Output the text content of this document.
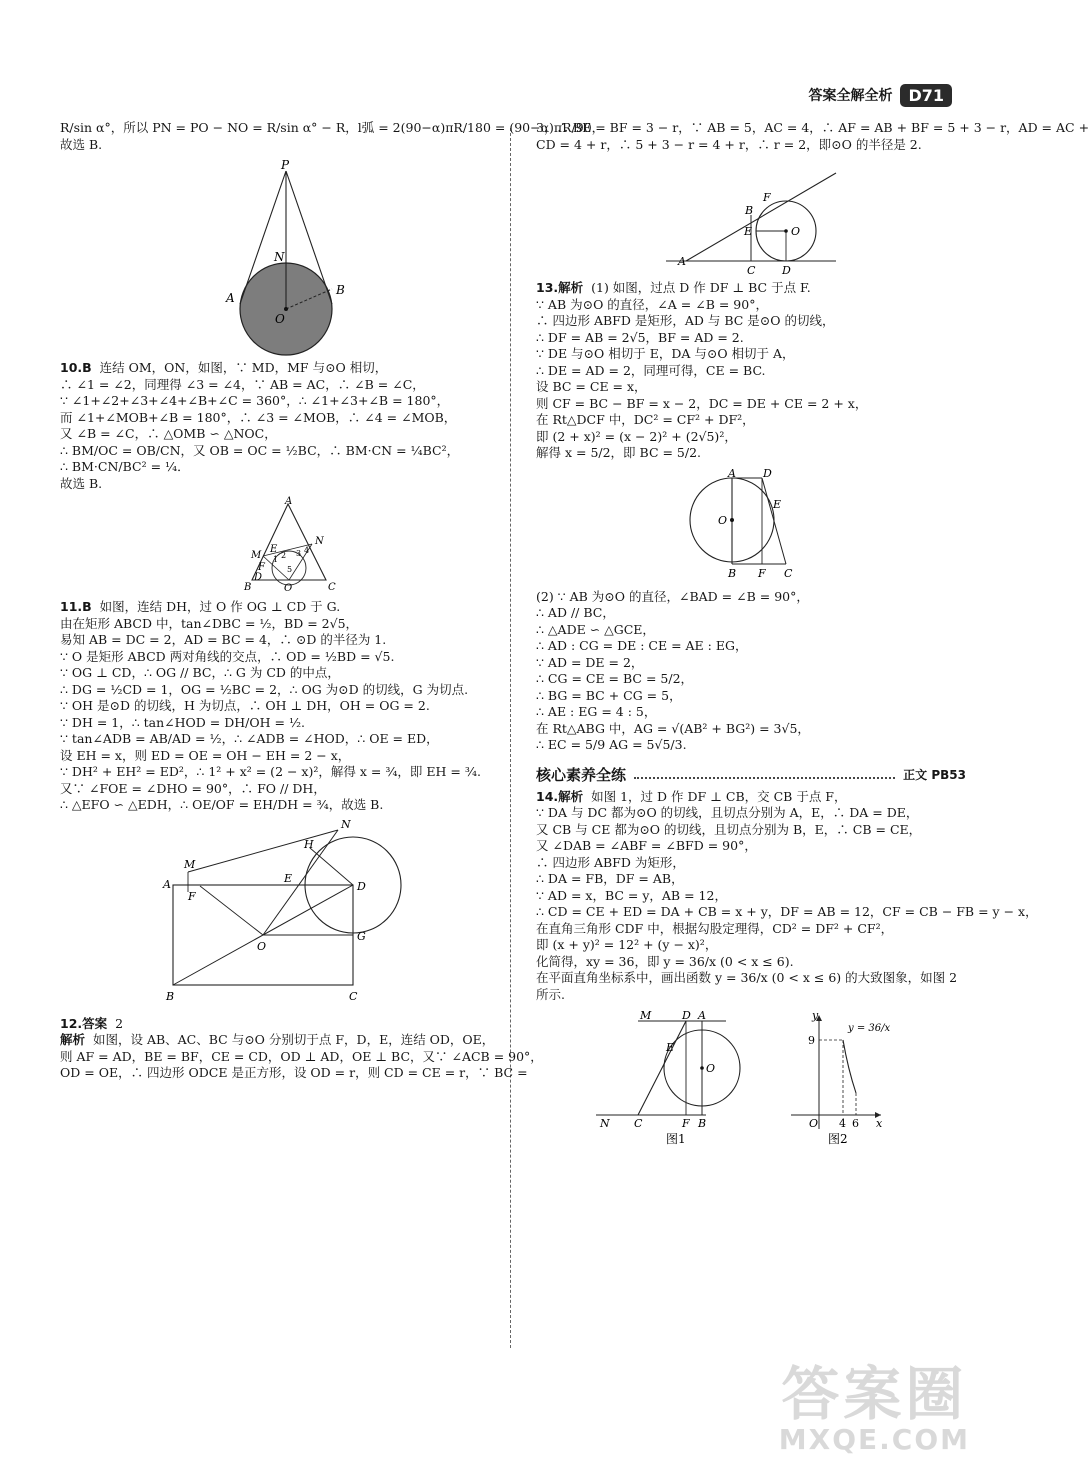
答案全解全析	D71

R/sin α°，所以 PN = PO − NO = R/sin α° − R，l弧 = 2(90−α)πR/180 = (90−α)πR/90，

故选 B.

P
N
A
B
O

10.B 连结 OM，ON，如图，∵ MD，MF 与⊙O 相切，

∴ ∠1 = ∠2，同理得 ∠3 = ∠4，∵ AB = AC，∴ ∠B = ∠C，

∵ ∠1+∠2+∠3+∠4+∠B+∠C = 360°，∴ ∠1+∠3+∠B = 180°，

而 ∠1+∠MOB+∠B = 180°，∴ ∠3 = ∠MOB，∴ ∠4 = ∠MOB，

又 ∠B = ∠C，∴ △OMB ∽ △NOC，

∴ BM/OC = OB/CN，又 OB = OC = ½BC，∴ BM·CN = ¼BC²，

∴ BM·CN/BC² = ¼．

故选 B.

A
M
E
F
N
B
D
O	C
1 2 3 4
5

11.B 如图，连结 DH，过 O 作 OG ⊥ CD 于 G.

由在矩形 ABCD 中，tan∠DBC = ½，BD = 2√5，

易知 AB = DC = 2，AD = BC = 4，∴ ⊙D 的半径为 1.

∵ O 是矩形 ABCD 两对角线的交点，∴ OD = ½BD = √5.

∵ OG ⊥ CD，∴ OG // BC，∴ G 为 CD 的中点，

∴ DG = ½CD = 1，OG = ½BC = 2，∴ OG 为⊙D 的切线，G 为切点.

∵ OH 是⊙D 的切线，H 为切点，∴ OH ⊥ DH，OH = OG = 2.

∵ DH = 1，∴ tan∠HOD = DH/OH = ½.

∵ tan∠ADB = AB/AD = ½，∴ ∠ADB = ∠HOD，∴ OE = ED，

设 EH = x，则 ED = OE = OH − EH = 2 − x，

∵ DH² + EH² = ED²，∴ 1² + x² = (2 − x)²，解得 x = ¾，即 EH = ¾.

又∵ ∠FOE = ∠DHO = 90°，∴ FO // DH，

∴ △EFO ∽ △EDH，∴ OE/OF = EH/DH = ¾，故选 B.

N
M
H
A
F
E
D
O
G
B	C

12.答案 2

解析 如图，设 AB、AC、BC 与⊙O 分别切于点 F，D，E，连结 OD，OE，

则 AF = AD，BE = BF，CE = CD，OD ⊥ AD，OE ⊥ BC，又∵ ∠ACB = 90°，

OD = OE，∴ 四边形 ODCE 是正方形，设 OD = r，则 CD = CE = r，∵ BC =

3，∴ BE = BF = 3 − r，∵ AB = 5，AC = 4，∴ AF = AB + BF = 5 + 3 − r，AD = AC +

CD = 4 + r，∴ 5 + 3 − r = 4 + r，∴ r = 2，即⊙O 的半径是 2.

F
B
E	O
A
C D

13.解析 (1) 如图，过点 D 作 DF ⊥ BC 于点 F.

∵ AB 为⊙O 的直径，∠A = ∠B = 90°，

∴ 四边形 ABFD 是矩形，AD 与 BC 是⊙O 的切线，

∴ DF = AB = 2√5，BF = AD = 2.

∵ DE 与⊙O 相切于 E，DA 与⊙O 相切于 A，

∴ DE = AD = 2，同理可得，CE = BC.

设 BC = CE = x，

则 CF = BC − BF = x − 2，DC = DE + CE = 2 + x，

在 Rt△DCF 中，DC² = CF² + DF²，

即 (2 + x)² = (x − 2)² + (2√5)²，

解得 x = 5/2，即 BC = 5/2.

A D
E
O
B F C

(2) ∵ AB 为⊙O 的直径，∠BAD = ∠B = 90°，

∴ AD // BC，

∴ △ADE ∽ △GCE，

∴ AD : CG = DE : CE = AE : EG，

∵ AD = DE = 2，

∴ CG = CE = BC = 5/2，

∴ BG = BC + CG = 5，

∴ AE : EG = 4 : 5，

在 Rt△ABG 中，AG = √(AB² + BG²) = 3√5，

∴ EC = 5/9 AG = 5√5/3.

核心素养全练	正文 PB53

14.解析 如图 1，过 D 作 DF ⊥ CB，交 CB 于点 F，

∵ DA 与 DC 都为⊙O 的切线，且切点分别为 A，E，∴ DA = DE，

又 CB 与 CE 都为⊙O 的切线，且切点分别为 B，E，∴ CB = CE，

又 ∠DAB = ∠ABF = ∠BFD = 90°，

∴ 四边形 ABFD 为矩形，

∴ DA = FB，DF = AB，

∵ AD = x，BC = y，AB = 12，

∴ CD = CE + ED = DA + CB = x + y，DF = AB = 12，CF = CB − FB = y − x，

在直角三角形 CDF 中，根据勾股定理得，CD² = DF² + CF²，

即 (x + y)² = 12² + (y − x)²，

化简得，xy = 36，即 y = 36/x (0 < x ≤ 6).

在平面直角坐标系中，画出函数 y = 36/x (0 < x ≤ 6) 的大致图象，如图 2

所示.

M	D A
E
O
N C	F B
图1
y
9
y = 36/x
O 4 6 x
图2
答案圈
MXQE.COM
